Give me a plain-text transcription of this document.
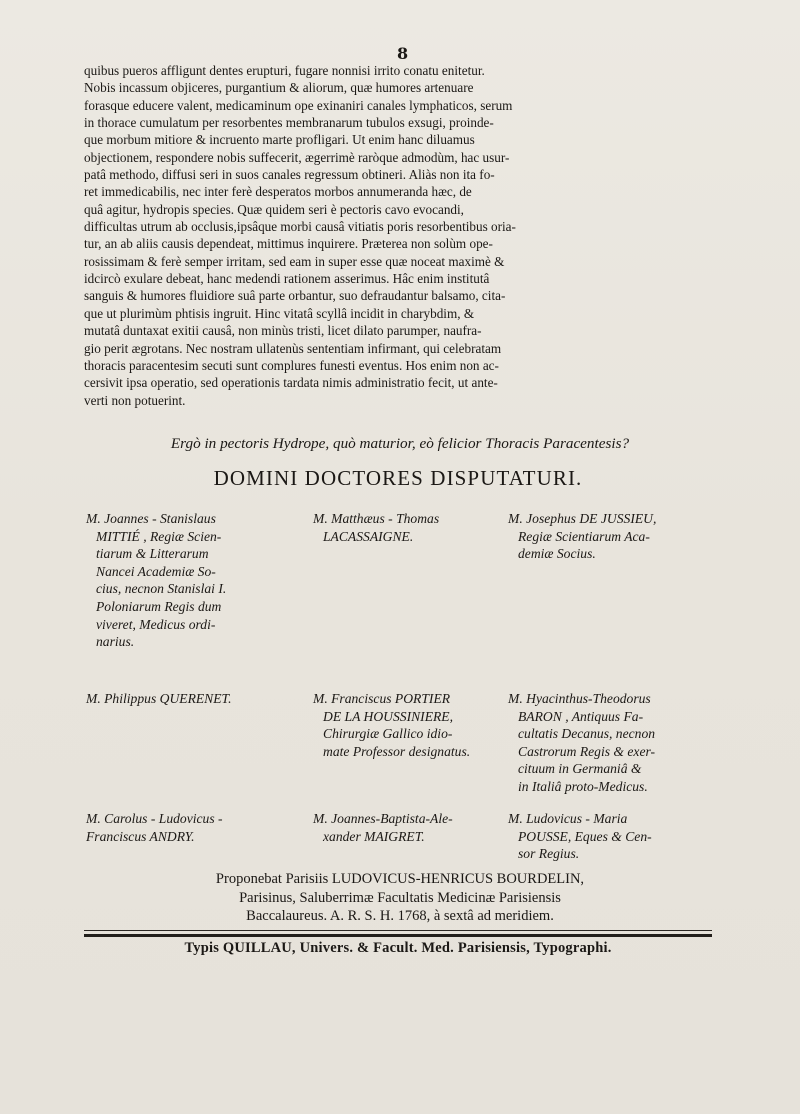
8

quibus pueros affligunt dentes erupturi, fugare nonnisi irrito conatu enitetur.

Nobis incassum objiceres, purgantium & aliorum, quæ humores artenuare

forasque educere valent, medicaminum ope exinaniri canales lymphaticos, serum

in thorace cumulatum per resorbentes membranarum tubulos exsugi, proinde-

que morbum mitiore & incruento marte profligari. Ut enim hanc diluamus

objectionem, respondere nobis suffecerit, ægerrimè raròque admodùm, hac usur-

patâ methodo, diffusi seri in suos canales regressum obtineri. Aliàs non ita fo-

ret immedicabilis, nec inter ferè desperatos morbos annumeranda hæc, de

quâ agitur, hydropis species. Quæ quidem seri è pectoris cavo evocandi,

difficultas utrum ab occlusis,ipsâque morbi causâ vitiatis poris resorbentibus oria-

tur, an ab aliis causis dependeat, mittimus inquirere. Præterea non solùm ope-

rosissimam & ferè semper irritam, sed eam in super esse quæ noceat maximè &

idcircò exulare debeat, hanc medendi rationem asserimus. Hâc enim institutâ

sanguis & humores fluidiore suâ parte orbantur, suo defraudantur balsamo, cita-

que ut plurimùm phtisis ingruit. Hinc vitatâ scyllâ incidit in charybdim, &

mutatâ duntaxat exitii causâ, non minùs tristi, licet dilato parumper, naufra-

gio perit ægrotans. Nec nostram ullatenùs sententiam infirmant, qui celebratam

thoracis paracentesim secuti sunt complures funesti eventus. Hos enim non ac-

cersivit ipsa operatio, sed operationis tardata nimis administratio fecit, ut ante-

verti non potuerint.

Ergò in pectoris Hydrope, quò maturior, eò felicior Thoracis Paracentesis?
DOMINI DOCTORES DISPUTATURI.
M. Joannes - Stanislaus
MITTIÉ , Regiæ Scien-
tiarum & Litterarum
Nancei Academiæ So-
cius, necnon Stanislai I.
Poloniarum Regis dum
viveret, Medicus ordi-
narius.
M. Matthæus - Thomas
LACASSAIGNE.
M. Josephus DE JUSSIEU,
Regiæ Scientiarum Aca-
demiæ Socius.
M. Philippus QUERENET.	M. Franciscus PORTIER
DE LA HOUSSINIERE,
Chirurgiæ Gallico idio-
mate Professor designatus.
M. Hyacinthus-Theodorus
BARON , Antiquus Fa-
cultatis Decanus, necnon
Castrorum Regis & exer-
cituum in Germaniâ &
in Italiâ proto-Medicus.
M. Carolus - Ludovicus -
Franciscus ANDRY.
M. Joannes-Baptista-Ale-
xander MAIGRET.
M. Ludovicus - Maria
POUSSE, Eques & Cen-
sor Regius.
Proponebat Parisiis LUDOVICUS-HENRICUS BOURDELIN,
Parisinus, Saluberrimæ Facultatis Medicinæ Parisiensis
Baccalaureus. A. R. S. H. 1768, à sextâ ad meridiem.
Typis QUILLAU, Univers. & Facult. Med. Parisiensis, Typographi.
